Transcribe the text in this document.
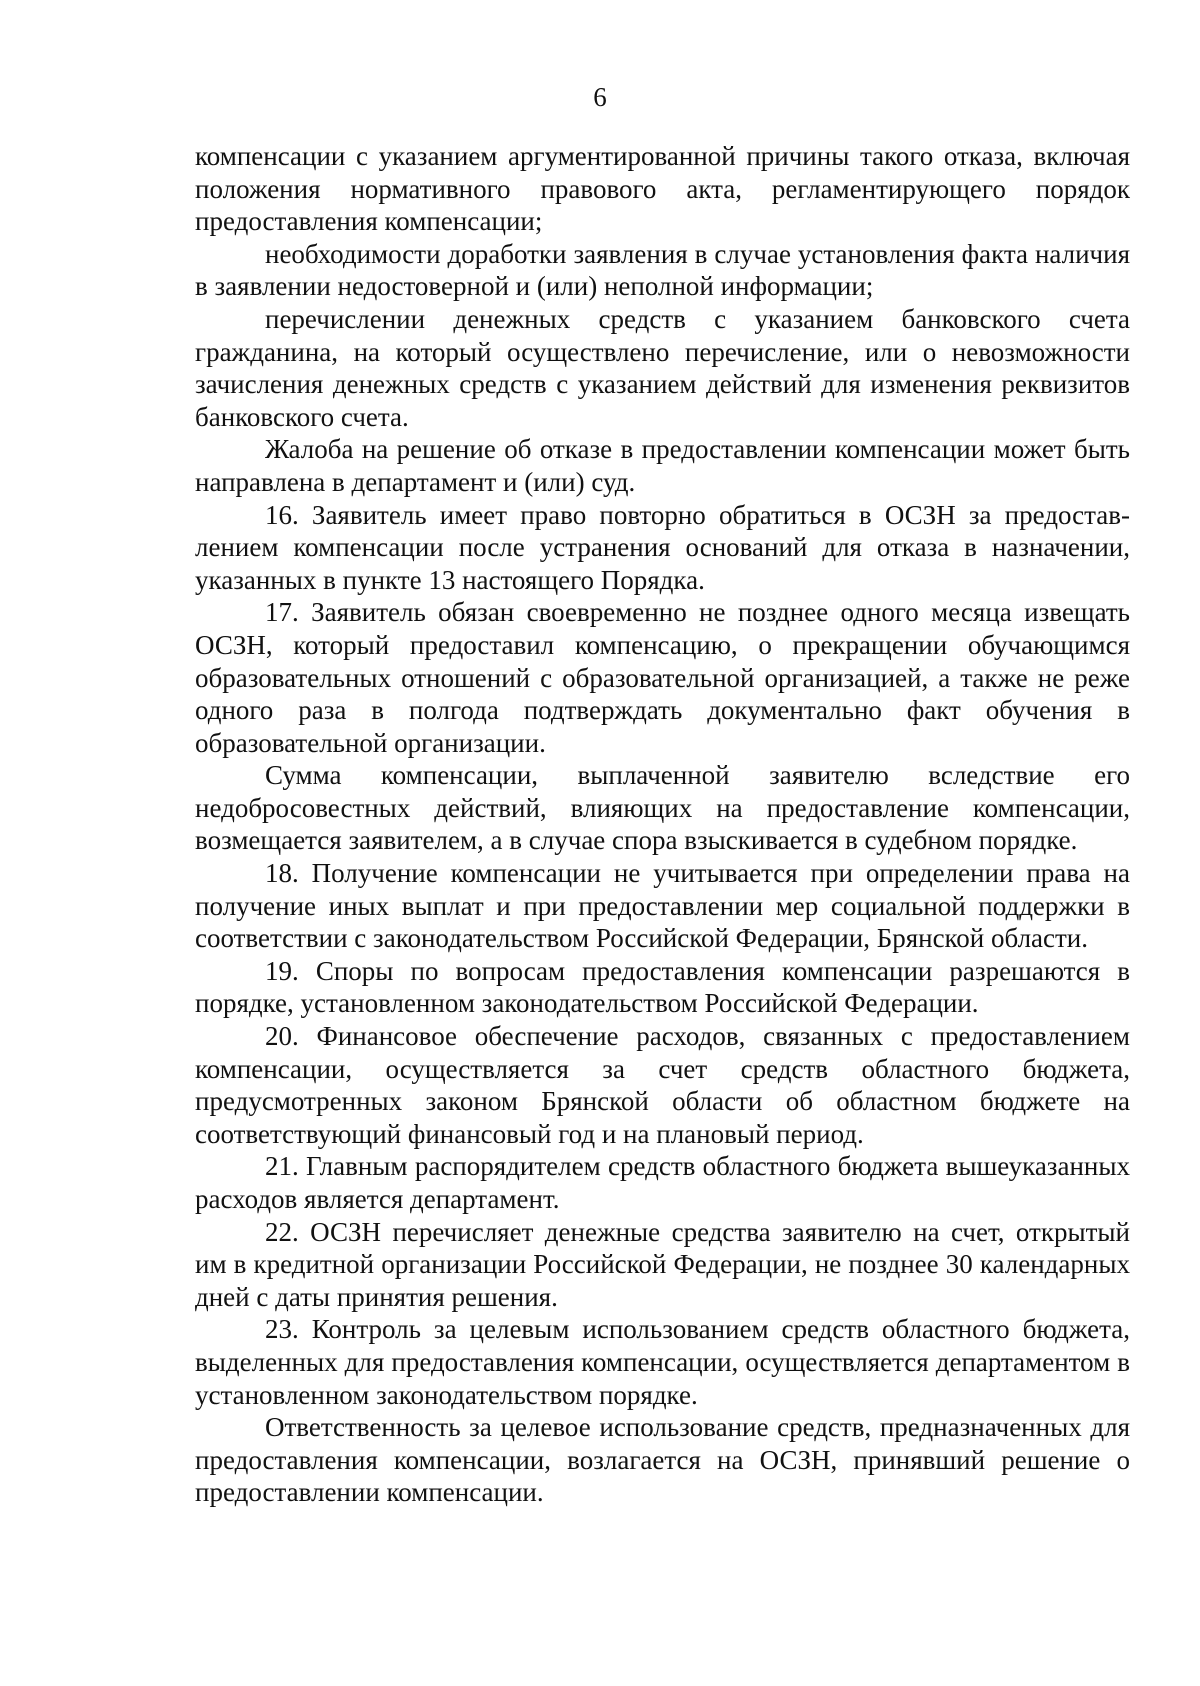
6

компенсации с указанием аргументированной причины такого отказа, включая положения нормативного правового акта, регламентирующего порядок предоставления компенсации;

необходимости доработки заявления в случае установления факта наличия в заявлении недостоверной и (или) неполной информации;

перечислении денежных средств с указанием банковского счета гражданина, на который осуществлено перечисление, или о невозможности зачисления денежных средств с указанием действий для изменения реквизитов банковского счета.

Жалоба на решение об отказе в предоставлении компенсации может быть направлена в департамент и (или) суд.

16. Заявитель имеет право повторно обратиться в ОСЗН за предоставлением компенсации после устранения оснований для отказа в назначении, указанных в пункте 13 настоящего Порядка.

17. Заявитель обязан своевременно не позднее одного месяца извещать ОСЗН, который предоставил компенсацию, о прекращении обучающимся образовательных отношений с образовательной организацией, а также не реже одного раза в полгода подтверждать документально факт обучения в образовательной организации.

Сумма компенсации, выплаченной заявителю вследствие его недобросовестных действий, влияющих на предоставление компенсации, возмещается заявителем, а в случае спора взыскивается в судебном порядке.

18. Получение компенсации не учитывается при определении права на получение иных выплат и при предоставлении мер социальной поддержки в соответствии с законодательством Российской Федерации, Брянской области.

19. Споры по вопросам предоставления компенсации разрешаются в порядке, установленном законодательством Российской Федерации.

20. Финансовое обеспечение расходов, связанных с предоставлением компенсации, осуществляется за счет средств областного бюджета, предусмотренных законом Брянской области об областном бюджете на соответствующий финансовый год и на плановый период.

21. Главным распорядителем средств областного бюджета вышеуказанных расходов является департамент.

22. ОСЗН перечисляет денежные средства заявителю на счет, открытый им в кредитной организации Российской Федерации, не позднее 30 календарных дней с даты принятия решения.

23. Контроль за целевым использованием средств областного бюджета, выделенных для предоставления компенсации, осуществляется департаментом в установленном законодательством порядке.

Ответственность за целевое использование средств, предназначенных для предоставления компенсации, возлагается на ОСЗН, принявший решение о предоставлении компенсации.
